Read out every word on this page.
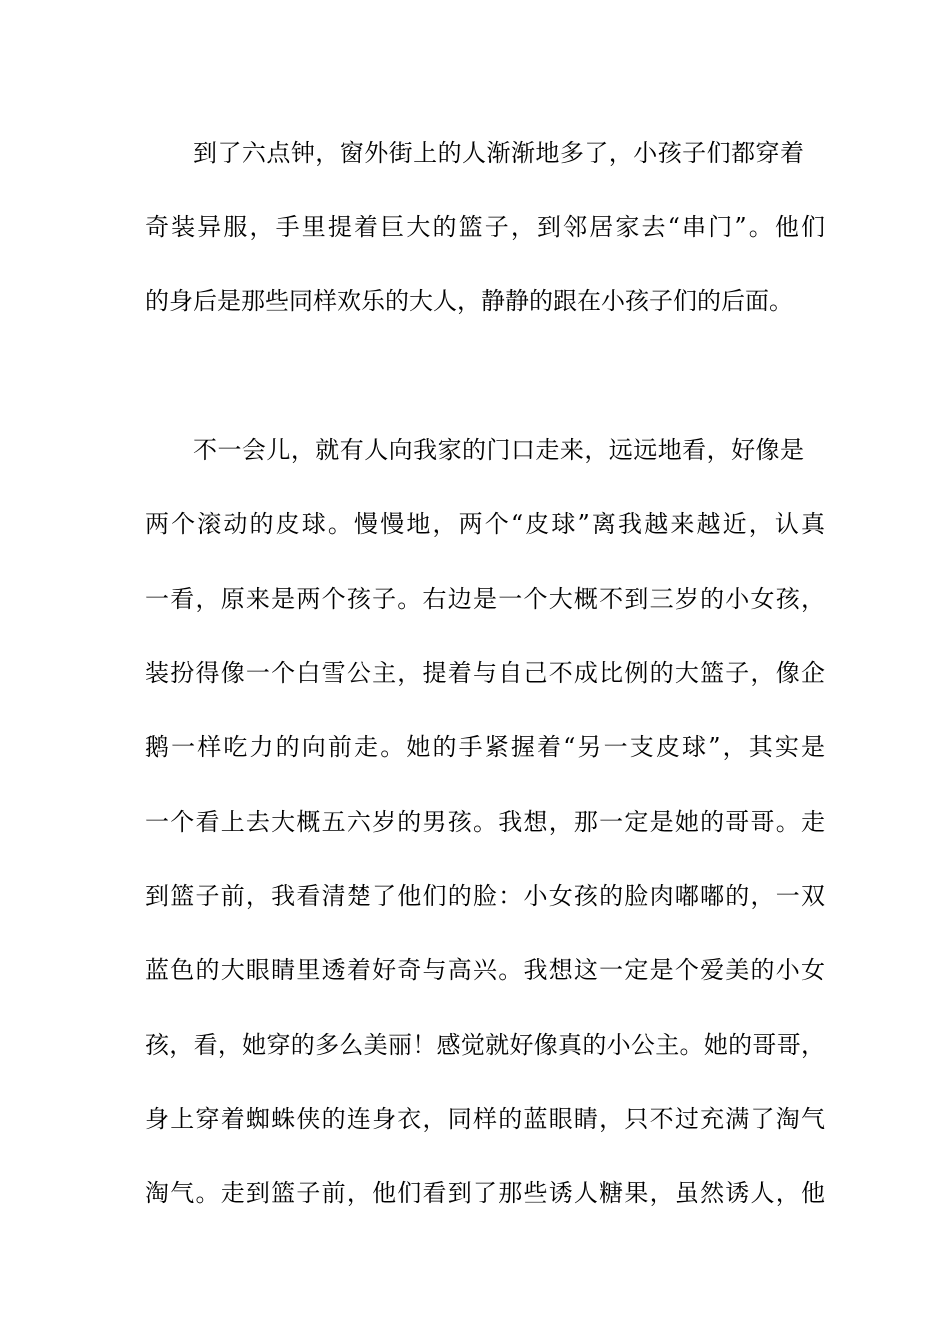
到了六点钟，窗外街上的人渐渐地多了，小孩子们都穿着
奇装异服，手里提着巨大的篮子，到邻居家去“串门”。他们
的身后是那些同样欢乐的大人，静静的跟在小孩子们的后面。
不一会儿，就有人向我家的门口走来，远远地看，好像是
两个滚动的皮球。慢慢地，两个“皮球”离我越来越近，认真
一看，原来是两个孩子。右边是一个大概不到三岁的小女孩，
装扮得像一个白雪公主，提着与自己不成比例的大篮子，像企
鹅一样吃力的向前走。她的手紧握着“另一支皮球”，其实是
一个看上去大概五六岁的男孩。我想，那一定是她的哥哥。走
到篮子前，我看清楚了他们的脸：小女孩的脸肉嘟嘟的，一双
蓝色的大眼睛里透着好奇与高兴。我想这一定是个爱美的小女
孩，看，她穿的多么美丽！感觉就好像真的小公主。她的哥哥，
身上穿着蜘蛛侠的连身衣，同样的蓝眼睛，只不过充满了淘气
淘气。走到篮子前，他们看到了那些诱人糖果，虽然诱人，他
